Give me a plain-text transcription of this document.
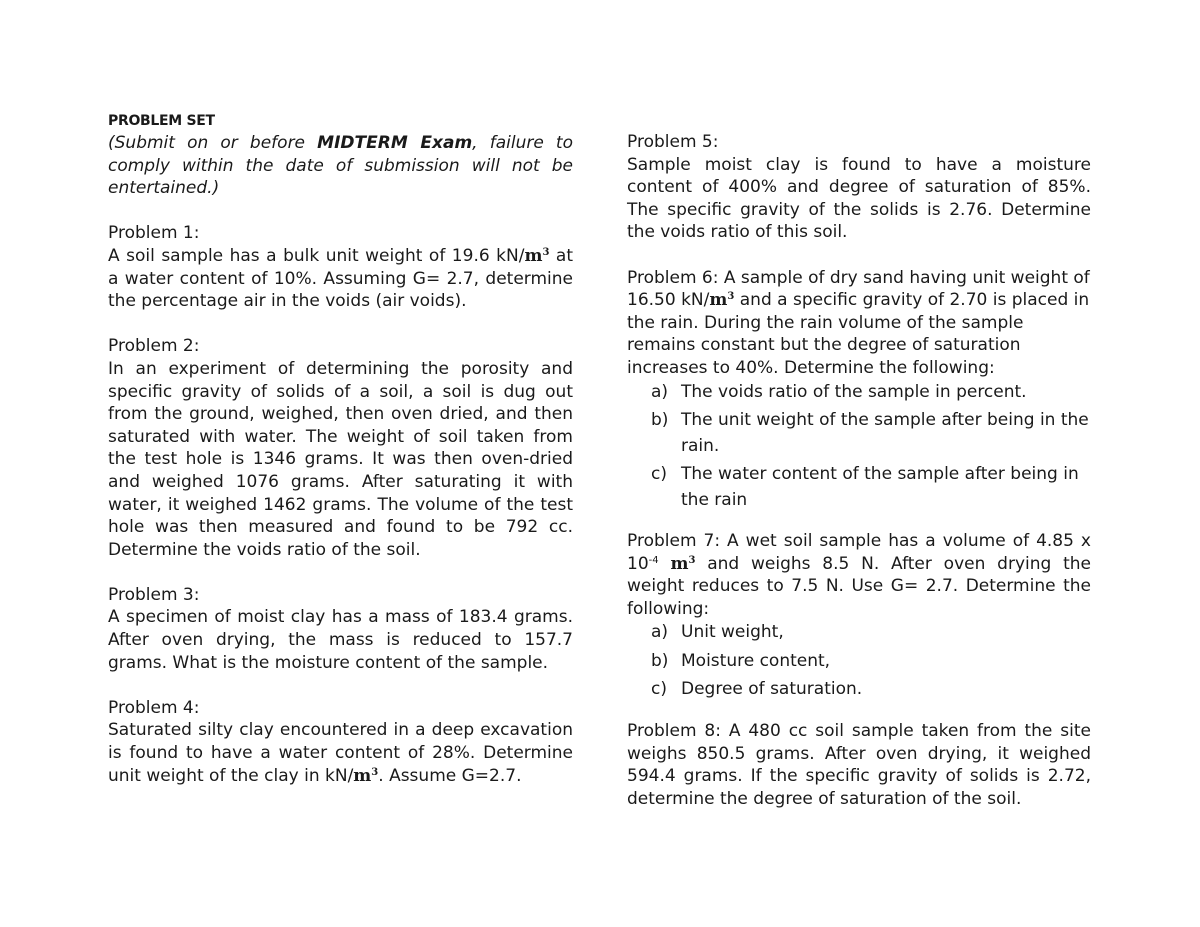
PROBLEM SET

(Submit on or before MIDTERM Exam, failure to comply within the date of submission will not be entertained.)

Problem 1:

A soil sample has a bulk unit weight of 19.6 $kN/m^3$ at a water content of 10%. Assuming G= 2.7, determine the percentage air in the voids (air voids).

Problem 2:

In an experiment of determining the porosity and specific gravity of solids of a soil, a soil is dug out from the ground, weighed, then oven dried, and then saturated with water. The weight of soil taken from the test hole is 1346 grams. It was then oven-dried and weighed 1076 grams. After saturating it with water, it weighed 1462 grams. The volume of the test hole was then measured and found to be 792 cc. Determine the voids ratio of the soil.

Problem 3:

A specimen of moist clay has a mass of 183.4 grams. After oven drying, the mass is reduced to 157.7 grams. What is the moisture content of the sample.

Problem 4:

Saturated silty clay encountered in a deep excavation is found to have a water content of 28%. Determine unit weight of the clay in $kN/m^3$. Assume G=2.7.

Problem 5:

Sample moist clay is found to have a moisture content of 400% and degree of saturation of 85%. The specific gravity of the solids is 2.76. Determine the voids ratio of this soil.

Problem 6: A sample of dry sand having unit weight of 16.50 $kN/m^3$ and a specific gravity of 2.70 is placed in the rain. During the rain volume of the sample remains constant but the degree of saturation increases to 40%. Determine the following:

a) The voids ratio of the sample in percent.
b) The unit weight of the sample after being in the rain.
c) The water content of the sample after being in the rain

Problem 7: A wet soil sample has a volume of 4.85 x $10^{-4}$ $m^3$ and weighs 8.5 N. After oven drying the weight reduces to 7.5 N. Use G= 2.7. Determine the following:

a) Unit weight,
b) Moisture content,
c) Degree of saturation.

Problem 8: A 480 cc soil sample taken from the site weighs 850.5 grams. After oven drying, it weighed 594.4 grams. If the specific gravity of solids is 2.72, determine the degree of saturation of the soil.
